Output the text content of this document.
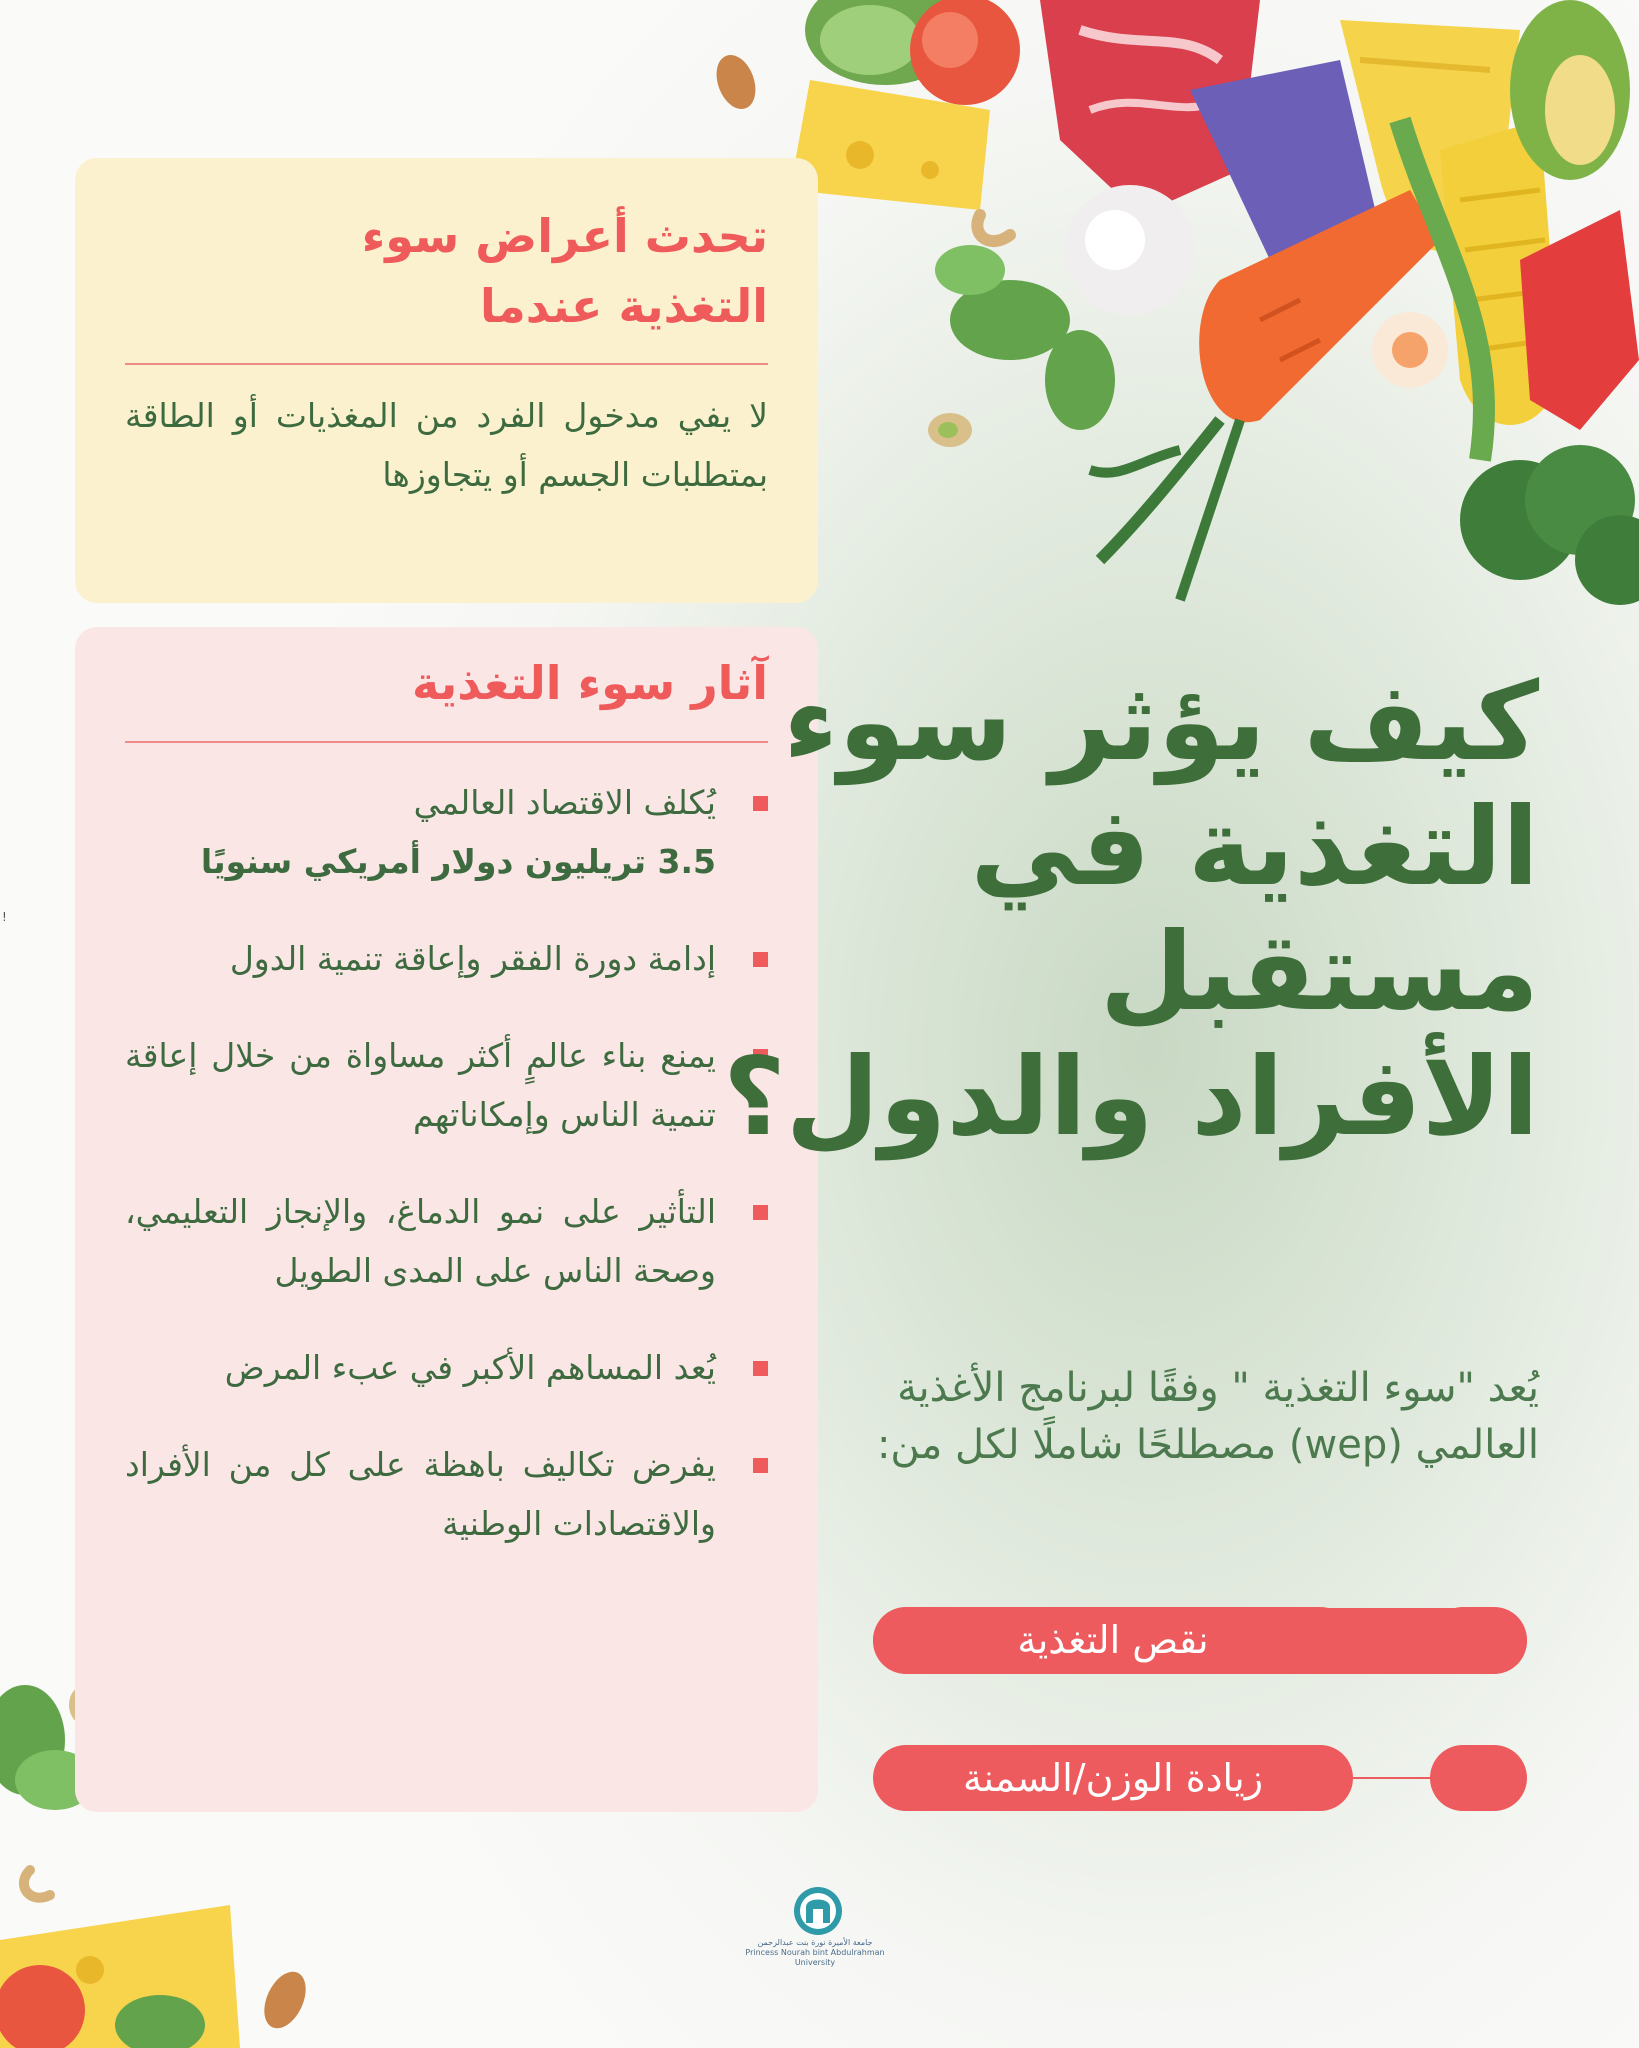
!
تحدث أعراض سوء
التغذية عندما
لا يفي مدخول الفرد من المغذيات أو الطاقة بمتطلبات الجسم أو يتجاوزها
آثار سوء التغذية
يُكلف الاقتصاد العالمي
3.5 تريليون دولار أمريكي سنويًا
إدامة دورة الفقر وإعاقة تنمية الدول
يمنع بناء عالمٍ أكثر مساواة من خلال إعاقة تنمية الناس وإمكاناتهم
التأثير على نمو الدماغ، والإنجاز التعليمي، وصحة الناس على المدى الطويل
يُعد المساهم الأكبر في عبء المرض
يفرض تكاليف باهظة على كل من الأفراد والاقتصادات الوطنية
كيف يؤثر سوء
التغذية في
مستقبل
الأفراد والدول؟
يُعد "سوء التغذية " وفقًا لبرنامج الأغذية العالمي (wep) مصطلحًا شاملًا لكل من:
نقص التغذية
زيادة الوزن/السمنة
جامعة الأميرة نورة بنت عبدالرحمن
Princess Nourah bint Abdulrahman University
